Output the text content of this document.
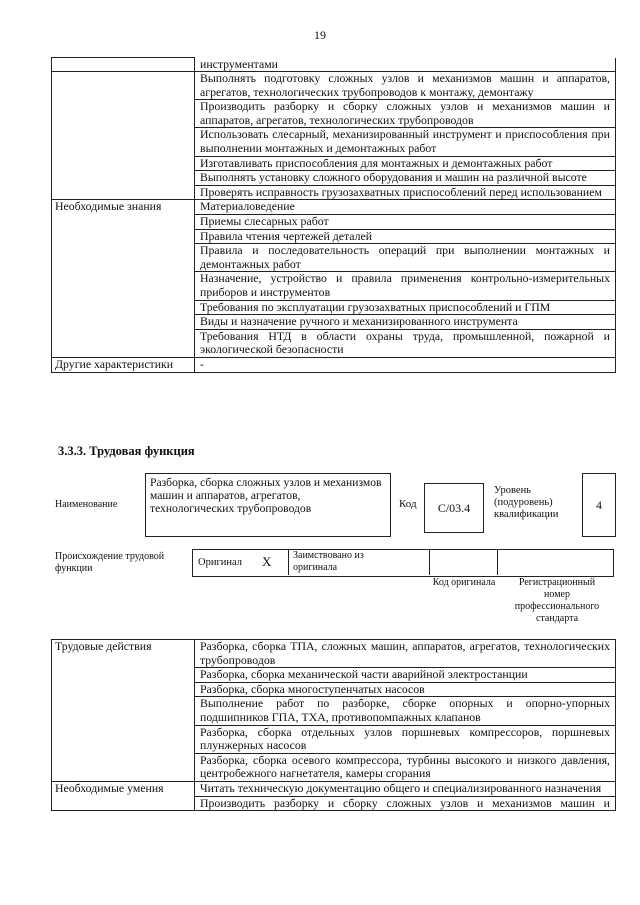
19
	инструментами
	Выполнять подготовку сложных узлов и механизмов машин и аппаратов, агрегатов, технологических трубопроводов к монтажу, демонтажу
	Производить разборку и сборку сложных узлов и механизмов машин и аппаратов, агрегатов, технологических трубопроводов
	Использовать слесарный, механизированный инструмент и приспособления при выполнении монтажных и демонтажных работ
	Изготавливать приспособления для монтажных и демонтажных работ
	Выполнять установку сложного оборудования и машин на различной высоте
	Проверять исправность грузозахватных приспособлений перед использованием
Необходимые знания	Материаловедение
	Приемы слесарных работ
	Правила чтения чертежей деталей
	Правила и последовательность операций при выполнении монтажных и демонтажных работ
	Назначение, устройство и правила применения контрольно-измерительных приборов и инструментов
	Требования по эксплуатации грузозахватных приспособлений и ГПМ
	Виды и назначение ручного и механизированного инструмента
	Требования НТД в области охраны труда, промышленной, пожарной и экологической безопасности
Другие характеристики	-
3.3.3. Трудовая функция
Наименование
Разборка, сборка сложных узлов и механизмов машин и аппаратов, агрегатов, технологических трубопроводов	Код	С/03.4
Уровень (подуровень) квалификации
4
Происхождение трудовой функции	Оригинал X Заимствовано из оригинала
Код оригинала	Регистрационный номер профессионального стандарта
Трудовые действия	Разборка, сборка ТПА, сложных машин, аппаратов, агрегатов, технологических трубопроводов
	Разборка, сборка механической части аварийной электростанции
	Разборка, сборка многоступенчатых насосов
	Выполнение работ по разборке, сборке опорных и опорно-упорных подшипников ГПА, ТХА, противопомпажных клапанов
	Разборка, сборка отдельных узлов поршневых компрессоров, поршневых плунжерных насосов
	Разборка, сборка осевого компрессора, турбины высокого и низкого давления, центробежного нагнетателя, камеры сгорания
Необходимые умения	Читать техническую документацию общего и специализированного назначения
	Производить разборку и сборку сложных узлов и механизмов машин и
